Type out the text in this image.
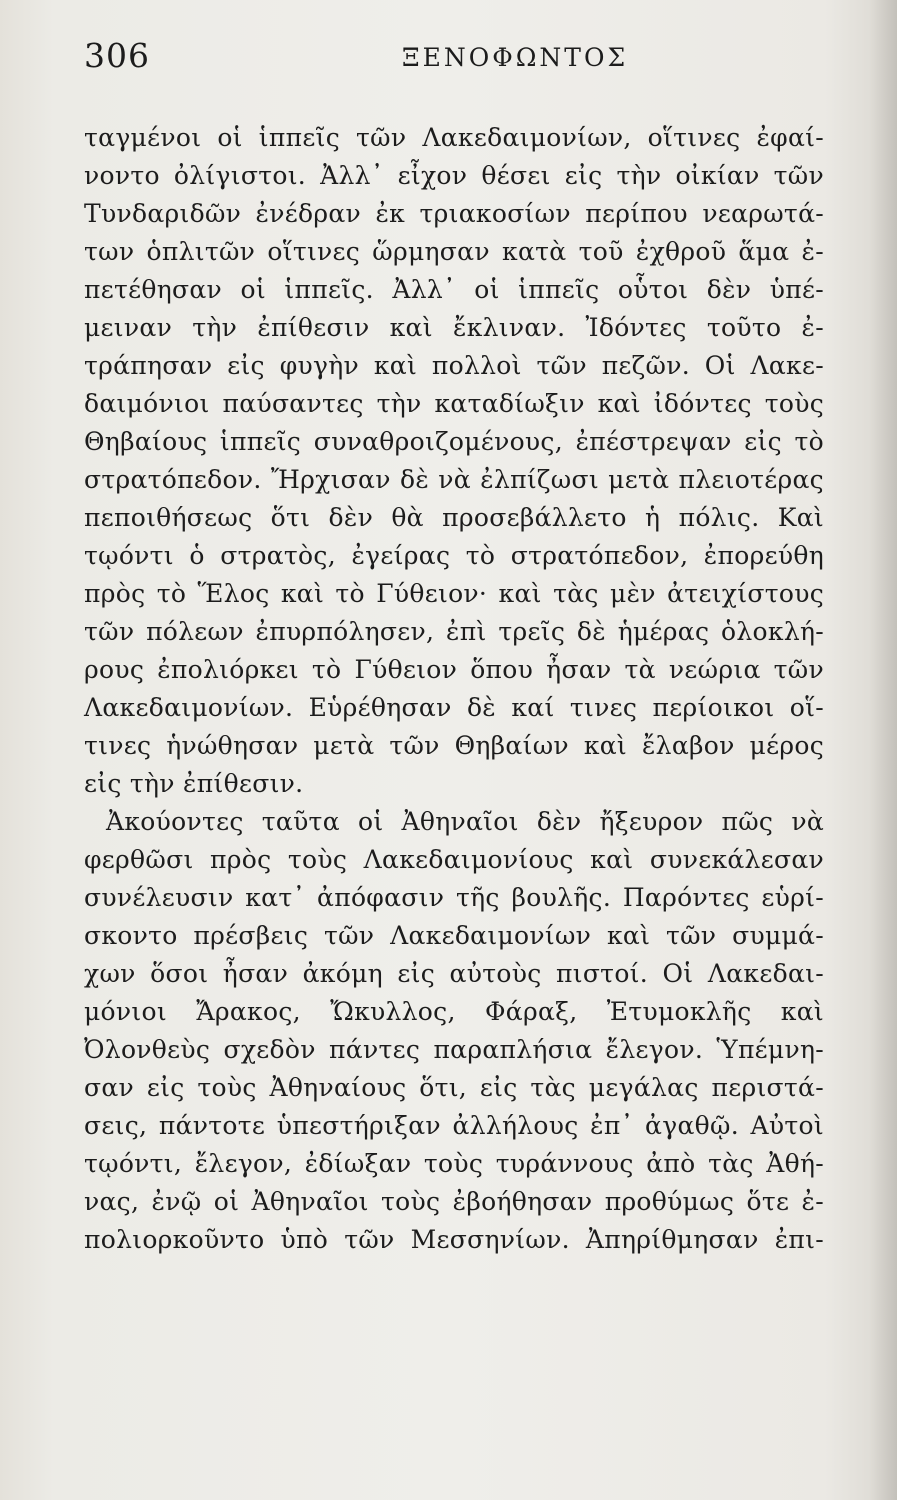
306	ΞΕΝΟΦΩΝΤΟΣ
ταγμένοι οἱ ἱππεῖς τῶν Λακεδαιμονίων, οἵτινες ἐφαί-
νοντο ὀλίγιστοι. Ἀλλ᾽ εἶχον θέσει εἰς τὴν οἰκίαν τῶν
Τυνδαριδῶν ἐνέδραν ἐκ τριακοσίων περίπου νεαρωτά-
των ὁπλιτῶν οἵτινες ὥρμησαν κατὰ τοῦ ἐχθροῦ ἅμα ἐ-
πετέθησαν οἱ ἱππεῖς. Ἀλλ᾽ οἱ ἱππεῖς οὗτοι δὲν ὑπέ-
μειναν τὴν ἐπίθεσιν καὶ ἔκλιναν. Ἰδόντες τοῦτο ἐ-
τράπησαν εἰς φυγὴν καὶ πολλοὶ τῶν πεζῶν. Οἱ Λακε-
δαιμόνιοι παύσαντες τὴν καταδίωξιν καὶ ἰδόντες τοὺς
Θηβαίους ἱππεῖς συναθροιζομένους, ἐπέστρεψαν εἰς τὸ
στρατόπεδον. Ἤρχισαν δὲ νὰ ἐλπίζωσι μετὰ πλειοτέρας
πεποιθήσεως ὅτι δὲν θὰ προσεβάλλετο ἡ πόλις. Καὶ
τῳόντι ὁ στρατὸς, ἐγείρας τὸ στρατόπεδον, ἐπορεύθη
πρὸς τὸ Ἕλος καὶ τὸ Γύθειον· καὶ τὰς μὲν ἀτειχίστους
τῶν πόλεων ἐπυρπόλησεν, ἐπὶ τρεῖς δὲ ἡμέρας ὁλοκλή-
ρους ἐπολιόρκει τὸ Γύθειον ὅπου ἦσαν τὰ νεώρια τῶν
Λακεδαιμονίων. Εὑρέθησαν δὲ καί τινες περίοικοι οἵ-
τινες ἡνώθησαν μετὰ τῶν Θηβαίων καὶ ἔλαβον μέρος
εἰς τὴν ἐπίθεσιν.
Ἀκούοντες ταῦτα οἱ Ἀθηναῖοι δὲν ἤξευρον πῶς νὰ
φερθῶσι πρὸς τοὺς Λακεδαιμονίους καὶ συνεκάλεσαν
συνέλευσιν κατ᾽ ἀπόφασιν τῆς βουλῆς. Παρόντες εὑρί-
σκοντο πρέσβεις τῶν Λακεδαιμονίων καὶ τῶν συμμά-
χων ὅσοι ἦσαν ἀκόμη εἰς αὐτοὺς πιστοί. Οἱ Λακεδαι-
μόνιοι Ἄρακος, Ὤκυλλος, Φάραξ, Ἐτυμοκλῆς καὶ
Ὀλονθεὺς σχεδὸν πάντες παραπλήσια ἔλεγον. Ὑπέμνη-
σαν εἰς τοὺς Ἀθηναίους ὅτι, εἰς τὰς μεγάλας περιστά-
σεις, πάντοτε ὑπεστήριξαν ἀλλήλους ἐπ᾽ ἀγαθῷ. Αὐτοὶ
τῳόντι, ἔλεγον, ἐδίωξαν τοὺς τυράννους ἀπὸ τὰς Ἀθή-
νας, ἐνῷ οἱ Ἀθηναῖοι τοὺς ἐβοήθησαν προθύμως ὅτε ἐ-
πολιορκοῦντο ὑπὸ τῶν Μεσσηνίων. Ἀπηρίθμησαν ἐπι-
